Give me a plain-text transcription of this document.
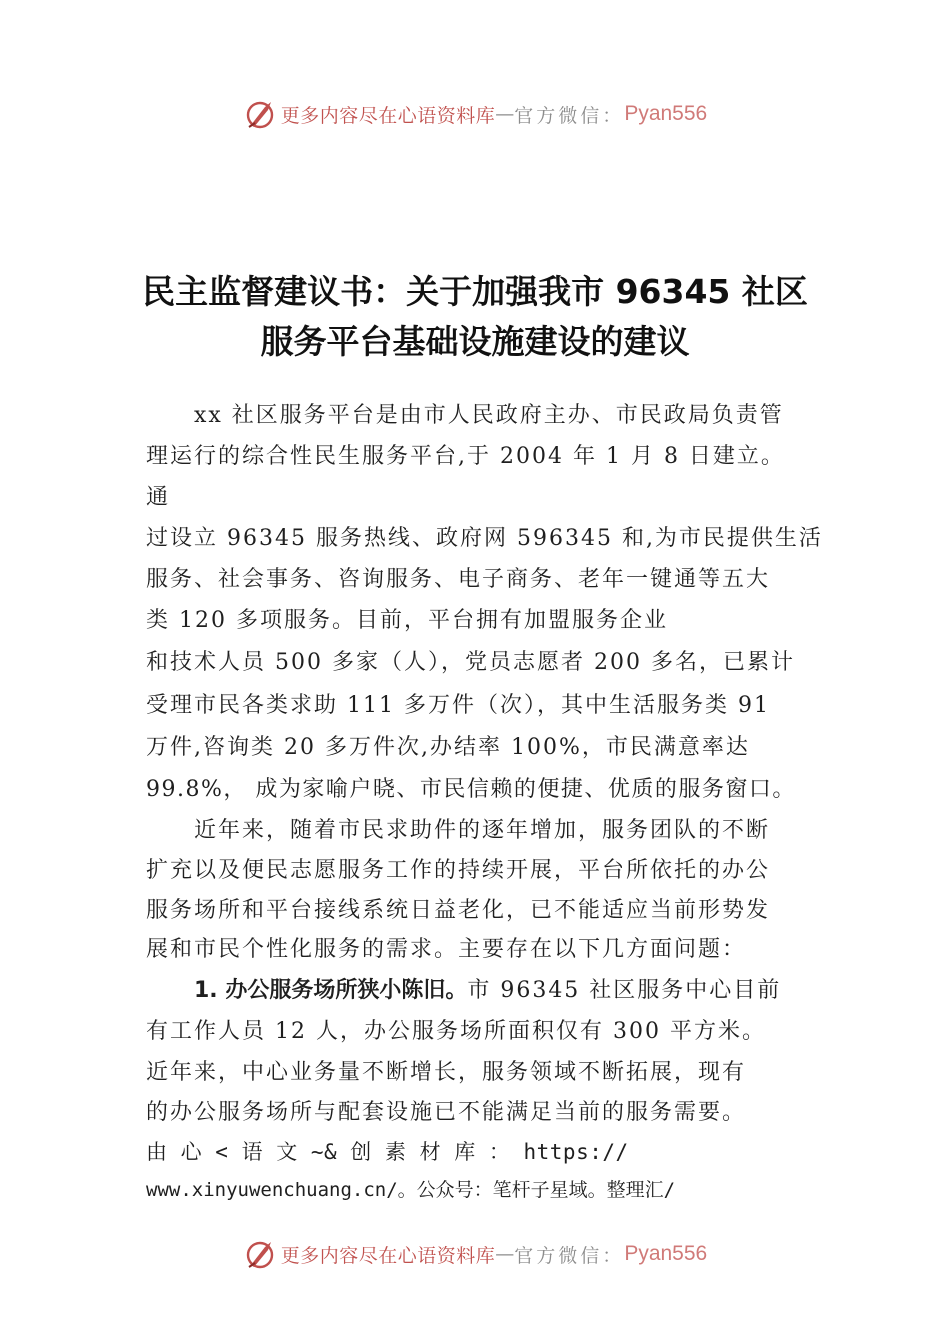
更多内容尽在心语资料库 — 官方微信： Pyan556
民主监督建议书：关于加强我市 96345 社区
服务平台基础设施建设的建议
xx 社区服务平台是由市人民政府主办、市民政局负责管
理运行的综合性民生服务平台,于 2004 年 1 月 8 日建立。
通
过设立 96345 服务热线、政府网 596345 和,为市民提供生活
服务、社会事务、咨询服务、电子商务、老年一键通等五大
类 120 多项服务。目前，平台拥有加盟服务企业
和技术人员 500 多家（人），党员志愿者 200 多名，已累计
受理市民各类求助 111 多万件（次），其中生活服务类 91
万件,咨询类 20 多万件次,办结率 100%，市民满意率达
99.8%， 成为家喻户晓、市民信赖的便捷、优质的服务窗口。
近年来，随着市民求助件的逐年增加，服务团队的不断
扩充以及便民志愿服务工作的持续开展，平台所依托的办公
服务场所和平台接线系统日益老化，已不能适应当前形势发
展和市民个性化服务的需求。主要存在以下几方面问题：
1. 办公服务场所狭小陈旧。市 96345 社区服务中心目前
有工作人员 12 人，办公服务场所面积仅有 300 平方米。
近年来，中心业务量不断增长，服务领域不断拓展，现有
的办公服务场所与配套设施已不能满足当前的服务需要。
由 心 < 语 文 ~& 创 素 材 库 ： https://
www.xinyuwenchuang.cn/。公众号：笔杆子星域。整理汇/
更多内容尽在心语资料库 — 官方微信： Pyan556
